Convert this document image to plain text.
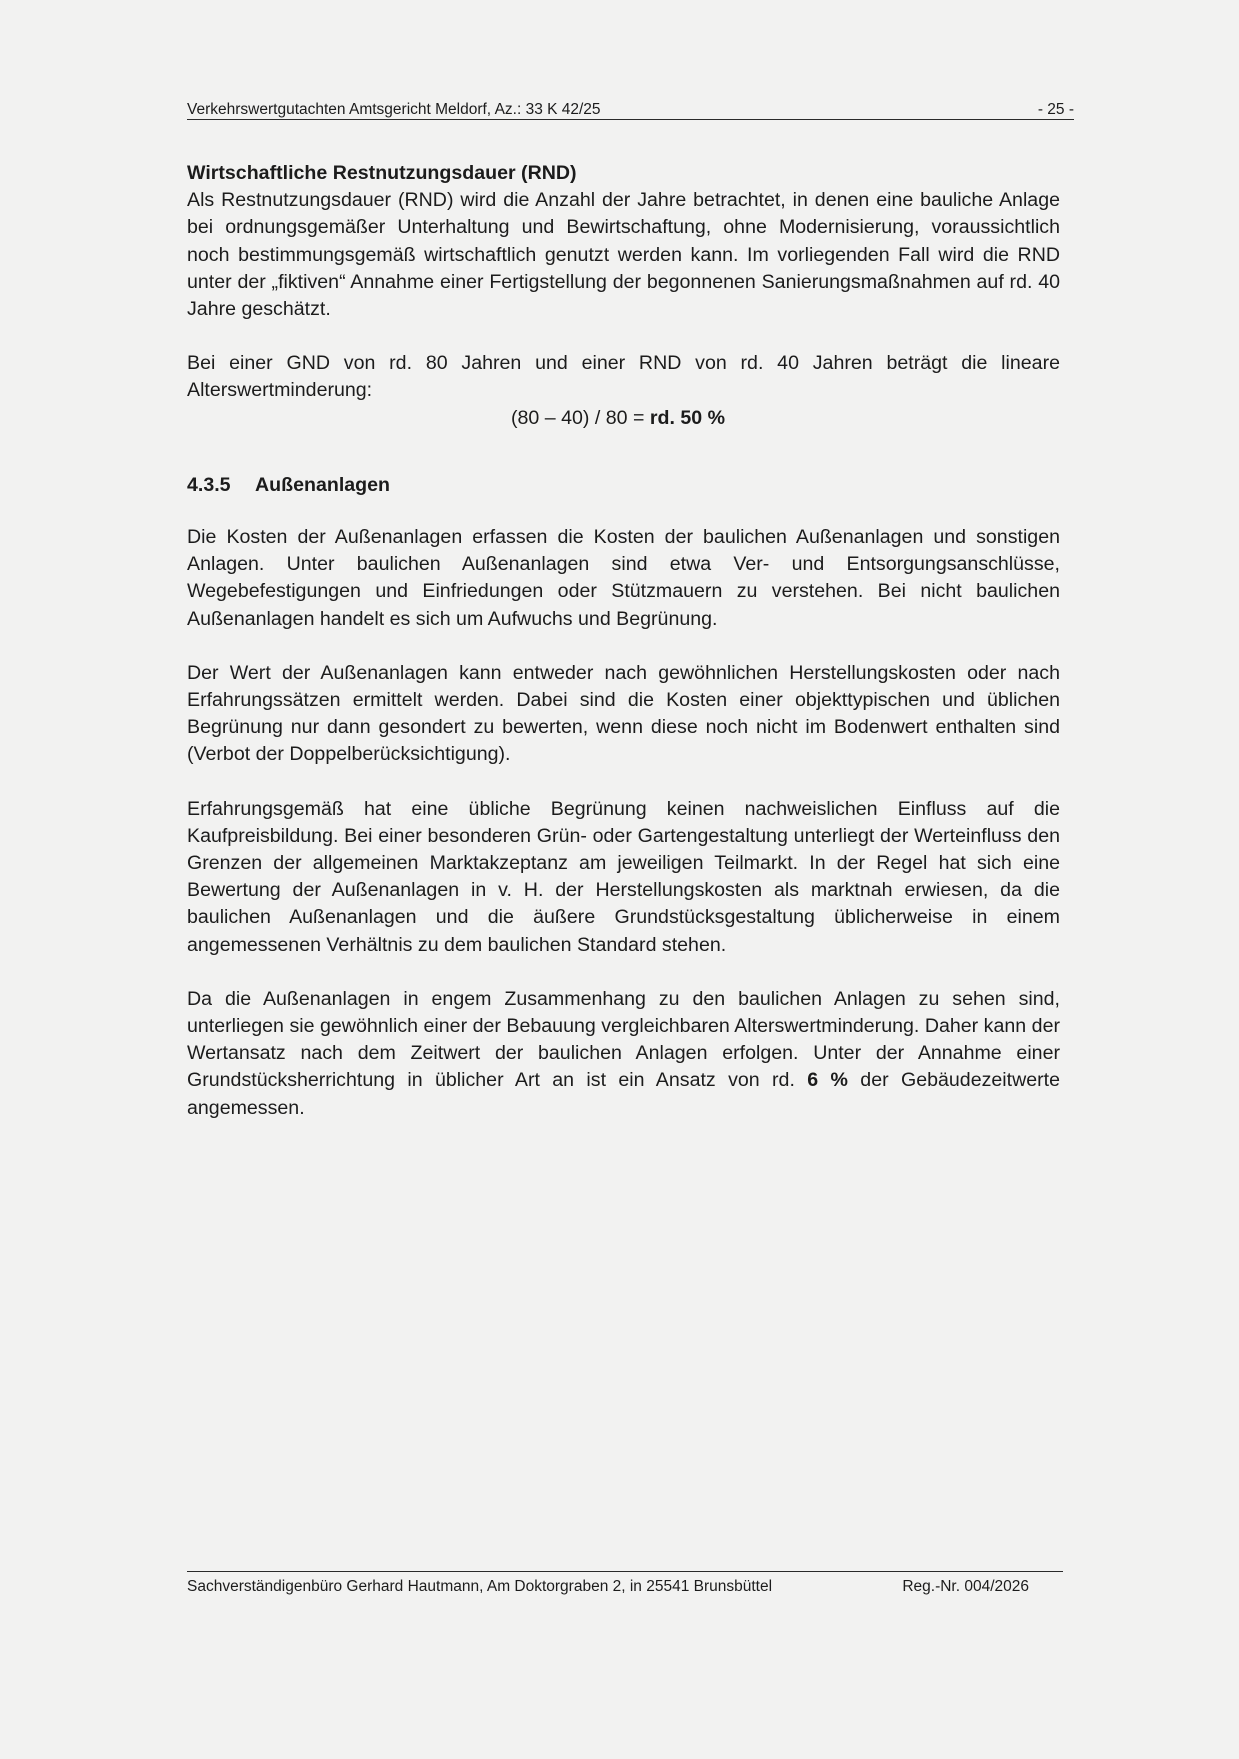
Verkehrswertgutachten Amtsgericht Meldorf, Az.: 33 K 42/25	- 25 -

Wirtschaftliche Restnutzungsdauer (RND)

Als Restnutzungsdauer (RND) wird die Anzahl der Jahre betrachtet, in denen eine bauliche Anlage bei ordnungsgemäßer Unterhaltung und Bewirtschaftung, ohne Modernisierung, voraussichtlich noch bestimmungsgemäß wirtschaftlich genutzt werden kann. Im vorliegenden Fall wird die RND unter der „fiktiven“ Annahme einer Fertigstellung der begonnenen Sanierungsmaßnahmen auf rd. 40 Jahre geschätzt.

Bei einer GND von rd. 80 Jahren und einer RND von rd. 40 Jahren beträgt die lineare Alterswertminderung:

(80 – 40) / 80 = rd. 50 %

4.3.5 Außenanlagen

Die Kosten der Außenanlagen erfassen die Kosten der baulichen Außenanlagen und sonstigen Anlagen. Unter baulichen Außenanlagen sind etwa Ver- und Entsorgungsanschlüsse, Wegebefestigungen und Einfriedungen oder Stützmauern zu verstehen. Bei nicht baulichen Außenanlagen handelt es sich um Aufwuchs und Begrünung.

Der Wert der Außenanlagen kann entweder nach gewöhnlichen Herstellungskosten oder nach Erfahrungssätzen ermittelt werden. Dabei sind die Kosten einer objekttypischen und üblichen Begrünung nur dann gesondert zu bewerten, wenn diese noch nicht im Bodenwert enthalten sind (Verbot der Doppelberücksichtigung).

Erfahrungsgemäß hat eine übliche Begrünung keinen nachweislichen Einfluss auf die Kaufpreisbildung. Bei einer besonderen Grün- oder Gartengestaltung unterliegt der Werteinfluss den Grenzen der allgemeinen Marktakzeptanz am jeweiligen Teilmarkt. In der Regel hat sich eine Bewertung der Außenanlagen in v. H. der Herstellungskosten als marktnah erwiesen, da die baulichen Außenanlagen und die äußere Grundstücksgestaltung üblicherweise in einem angemessenen Verhältnis zu dem baulichen Standard stehen.

Da die Außenanlagen in engem Zusammenhang zu den baulichen Anlagen zu sehen sind, unterliegen sie gewöhnlich einer der Bebauung vergleichbaren Alterswertminderung. Daher kann der Wertansatz nach dem Zeitwert der baulichen Anlagen erfolgen. Unter der Annahme einer Grundstücksherrichtung in üblicher Art an ist ein Ansatz von rd. 6 % der Gebäudezeitwerte angemessen.

Sachverständigenbüro Gerhard Hautmann, Am Doktorgraben 2, in 25541 Brunsbüttel	Reg.-Nr. 004/2026
